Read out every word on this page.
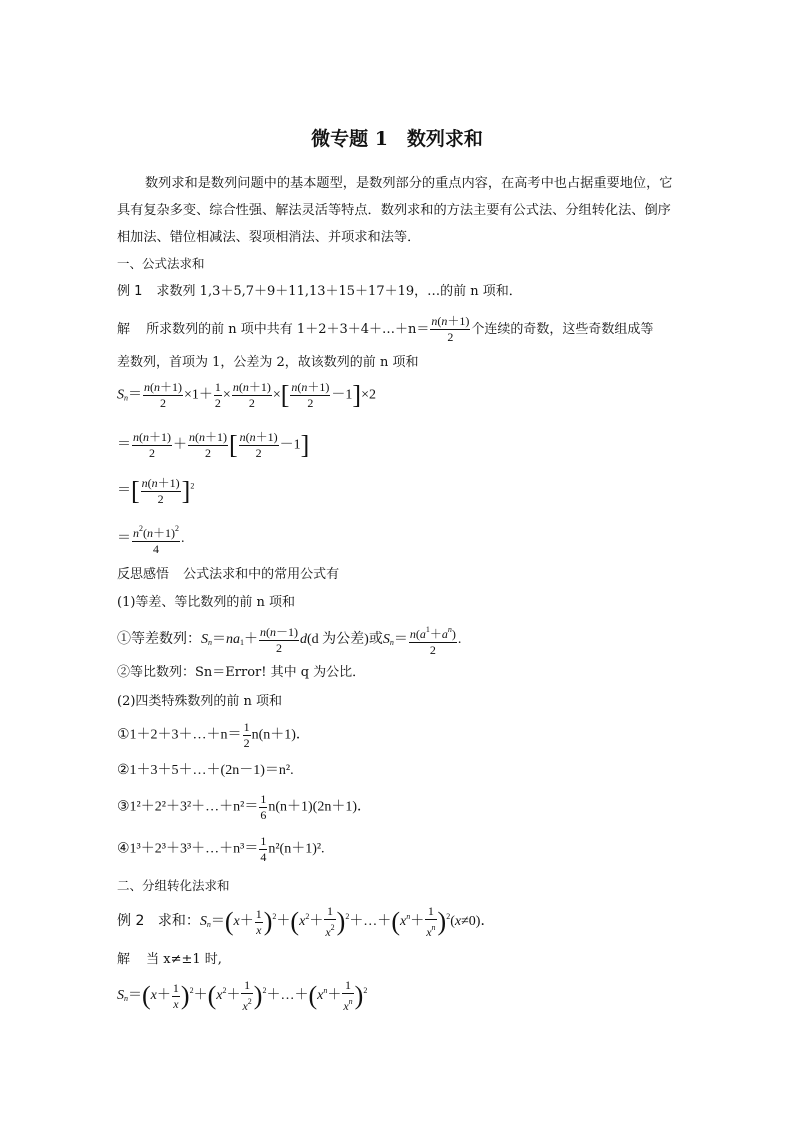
微专题 1　数列求和
数列求和是数列问题中的基本题型，是数列部分的重点内容，在高考中也占据重要地位，它具有复杂多变、综合性强、解法灵活等特点．数列求和的方法主要有公式法、分组转化法、倒序相加法、错位相减法、裂项相消法、并项求和法等．
一、公式法求和
例 1 求数列 1,3＋5,7＋9＋11,13＋15＋17＋19，…的前 n 项和．
解 所求数列的前 n 项中共有 1＋2＋3＋4＋…＋n＝ $\frac{n(n+1)}{2}$ 个连续的奇数，这些奇数组成等
差数列，首项为 1，公差为 2，故该数列的前 n 项和
$S_n= \frac{n(n+1)}{2} \times 1+ \frac{1}{2} \times \frac{n(n+1)}{2}$ ×[ $\frac{n(n+1)}{2} -1]\times 2$
＝ $\frac{n(n+1)}{2} + \frac{n(n+1)}{2}$ [ $\frac{n(n+1)}{2} -1$]
＝[ $\frac{n(n+1)}{2} ]^2$
＝ $\frac{n^2(n+1)^2}{4}$ .
反思感悟 公式法求和中的常用公式有
(1)等差、等比数列的前 n 项和
①等差数列：$S_n=na_1+ \frac{n(n-1)}{2} d(d$ 为公差)或$S_n= \frac{n(a^1+a^n)}{2}$ .
②等比数列：Sn＝Error! 其中 q 为公比．
(2)四类特殊数列的前 n 项和
①1＋2＋3＋…＋n＝ $\frac{1}{2} n(n+1)$．
②1＋3＋5＋…＋(2n－1)＝n².
③1²＋2²＋3²＋…＋n²＝ $\frac{1}{6} n(n+1)(2n+1)$．
④1³＋2³＋3³＋…＋n³＝ $\frac{1}{4} n^2(n+1)^2$.
二、分组转化法求和
例 2 求和：$S_n=(x+ \frac{1}{x} )^2+(x^2+ \frac{1}{x^2}$ )$^2+\dots+(x^n+ \frac{1}{x^n} )^2(x\ne 0)$．
解 当 x≠±1 时,
$S_n=(x+ \frac{1}{x} )^2+(x^2+ \frac{1}{x^2}$ )$^2+\dots+(x^n+ \frac{1}{x^n} )^2$
